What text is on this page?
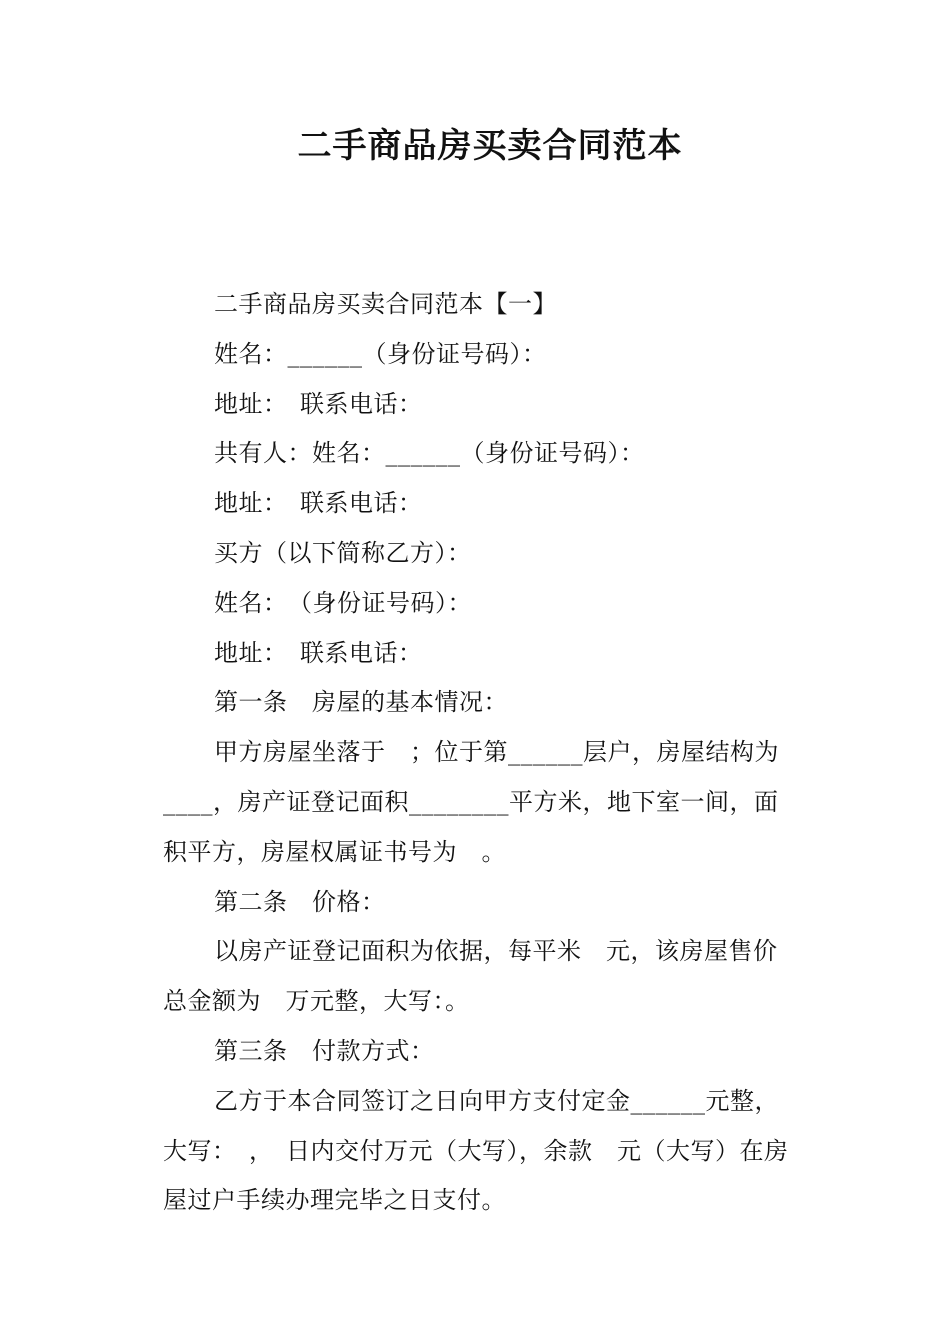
二手商品房买卖合同范本

二手商品房买卖合同范本【一】

姓名：______（身份证号码）：

地址：　联系电话：

共有人：姓名：______（身份证号码）：

地址：　联系电话：

买方（以下简称乙方）：

姓名：　（身份证号码）：

地址：　联系电话：

第一条　房屋的基本情况：

甲方房屋坐落于　；位于第______层户，房屋结构为____，房产证登记面积________平方米，地下室一间，面积平方，房屋权属证书号为　。

第二条　价格：

以房产证登记面积为依据，每平米　元，该房屋售价总金额为　万元整，大写：。

第三条　付款方式：

乙方于本合同签订之日向甲方支付定金______元整，大写：　，　日内交付万元（大写），余款　元（大写）在房屋过户手续办理完毕之日支付。
